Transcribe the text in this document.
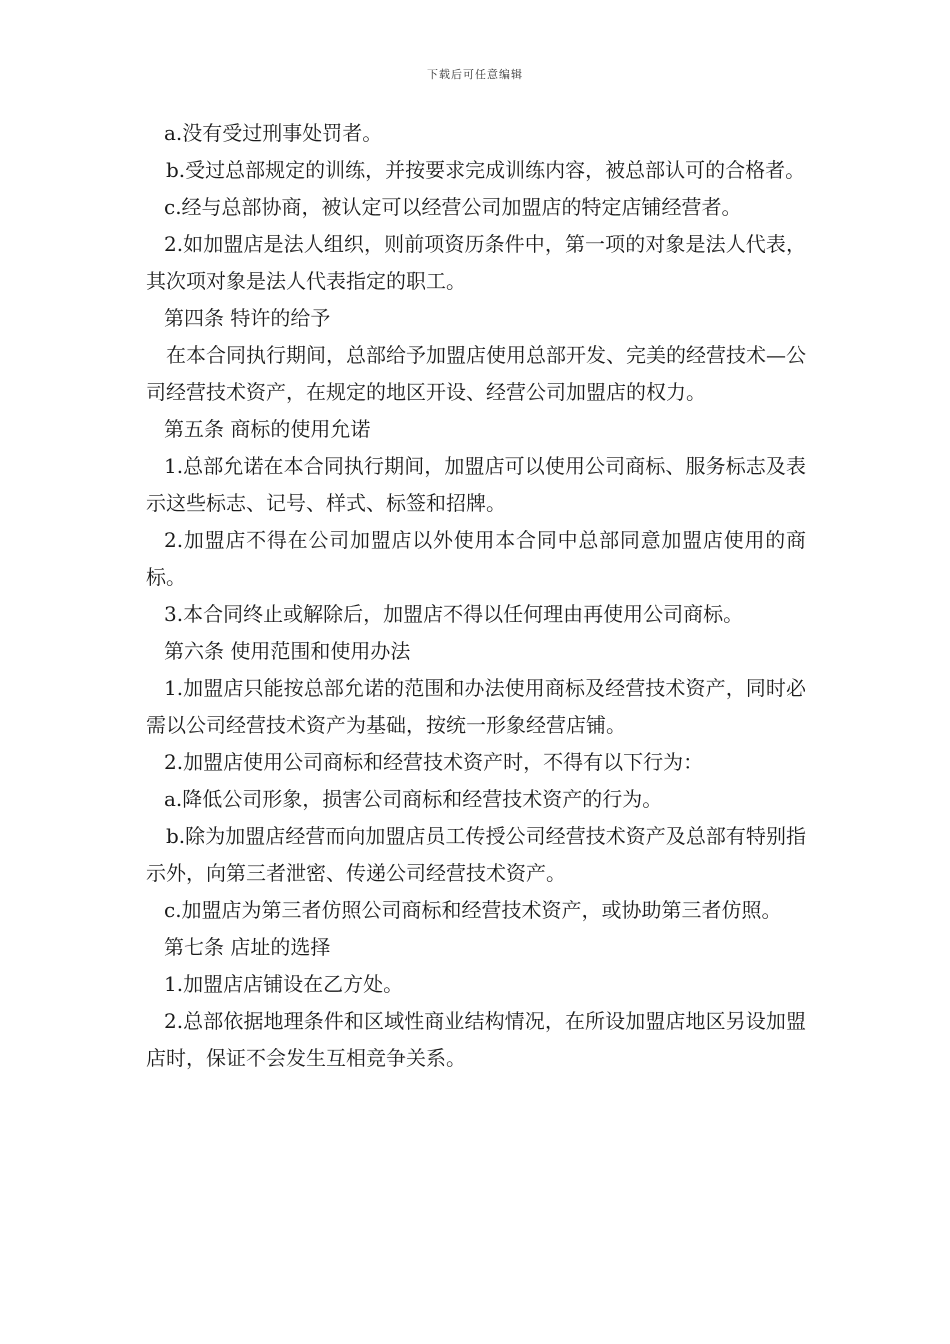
下载后可任意编辑

a.没有受过刑事处罚者。

b.受过总部规定的训练，并按要求完成训练内容，被总部认可的合格者。

c.经与总部协商，被认定可以经营公司加盟店的特定店铺经营者。

2.如加盟店是法人组织，则前项资历条件中，第一项的对象是法人代表，其次项对象是法人代表指定的职工。

第四条 特许的给予

在本合同执行期间，总部给予加盟店使用总部开发、完美的经营技术—公司经营技术资产，在规定的地区开设、经营公司加盟店的权力。

第五条 商标的使用允诺

1.总部允诺在本合同执行期间，加盟店可以使用公司商标、服务标志及表示这些标志、记号、样式、标签和招牌。

2.加盟店不得在公司加盟店以外使用本合同中总部同意加盟店使用的商标。

3.本合同终止或解除后，加盟店不得以任何理由再使用公司商标。

第六条 使用范围和使用办法

1.加盟店只能按总部允诺的范围和办法使用商标及经营技术资产，同时必需以公司经营技术资产为基础，按统一形象经营店铺。

2.加盟店使用公司商标和经营技术资产时，不得有以下行为：

a.降低公司形象，损害公司商标和经营技术资产的行为。

b.除为加盟店经营而向加盟店员工传授公司经营技术资产及总部有特别指示外，向第三者泄密、传递公司经营技术资产。

c.加盟店为第三者仿照公司商标和经营技术资产，或协助第三者仿照。

第七条 店址的选择

1.加盟店店铺设在乙方处。

2.总部依据地理条件和区域性商业结构情况，在所设加盟店地区另设加盟店时，保证不会发生互相竞争关系。
